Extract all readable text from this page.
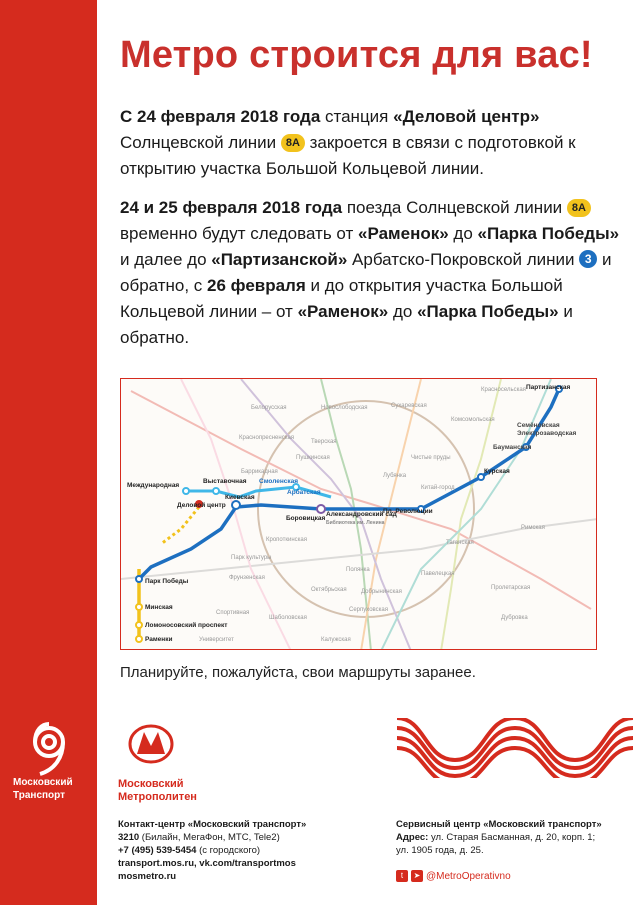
Московский
Транспорт
Метро строится для вас!
С 24 февраля 2018 года станция «Деловой центр» Солнцевской линии 8А закроется в связи с подготовкой к открытию участка Большой Кольцевой линии.
24 и 25 февраля 2018 года поезда Солнцевской линии 8А временно будут следовать от «Раменок» до «Парка Победы» и далее до «Партизанской» Арбатско-Покровской линии 3 и обратно, с 26 февраля и до открытия участка Большой Кольцевой линии – от «Раменок» до «Парка Победы» и обратно.
Красносельская
Комсомольская
Чистые пруды
Лубянка
Пушкинская
Тверская
Краснопресненская
Кропоткинская
Парк культуры
Октябрьская
Полянка
Серпуховская
Павелецкая
Таганская
Китай-город
Фрунзенская
Спортивная
Университет
Баррикадная
Белорусская	Новослободская	Сухаревская
Римская
Пролетарская
Дубровка
Шаболовская
Добрынинская
Калужская
Партизанская
Семёновская
Электрозаводская
Бауманская
Курская
Международная
Выставочная
Киевская
Смоленская
Арбатская
Боровицкая
Александровский сад
Библиотека им. Ленина
Пл. Революции
Деловой центр
Парк Победы
Минская
Ломоносовский проспект
Раменки
Планируйте, пожалуйста, свои маршруты заранее.
Московский
Метрополитен
Контакт-центр «Московский транспорт»
3210 (Билайн, МегаФон, МТС, Tele2)
+7 (495) 539-5454 (с городского)
transport.mos.ru, vk.com/transportmos
mosmetro.ru
Сервисный центр «Московский транспорт»
Адрес: ул. Старая Басманная, д. 20, корп. 1;
ул. 1905 года, д. 25.
t	➤ @MetroOperativno
